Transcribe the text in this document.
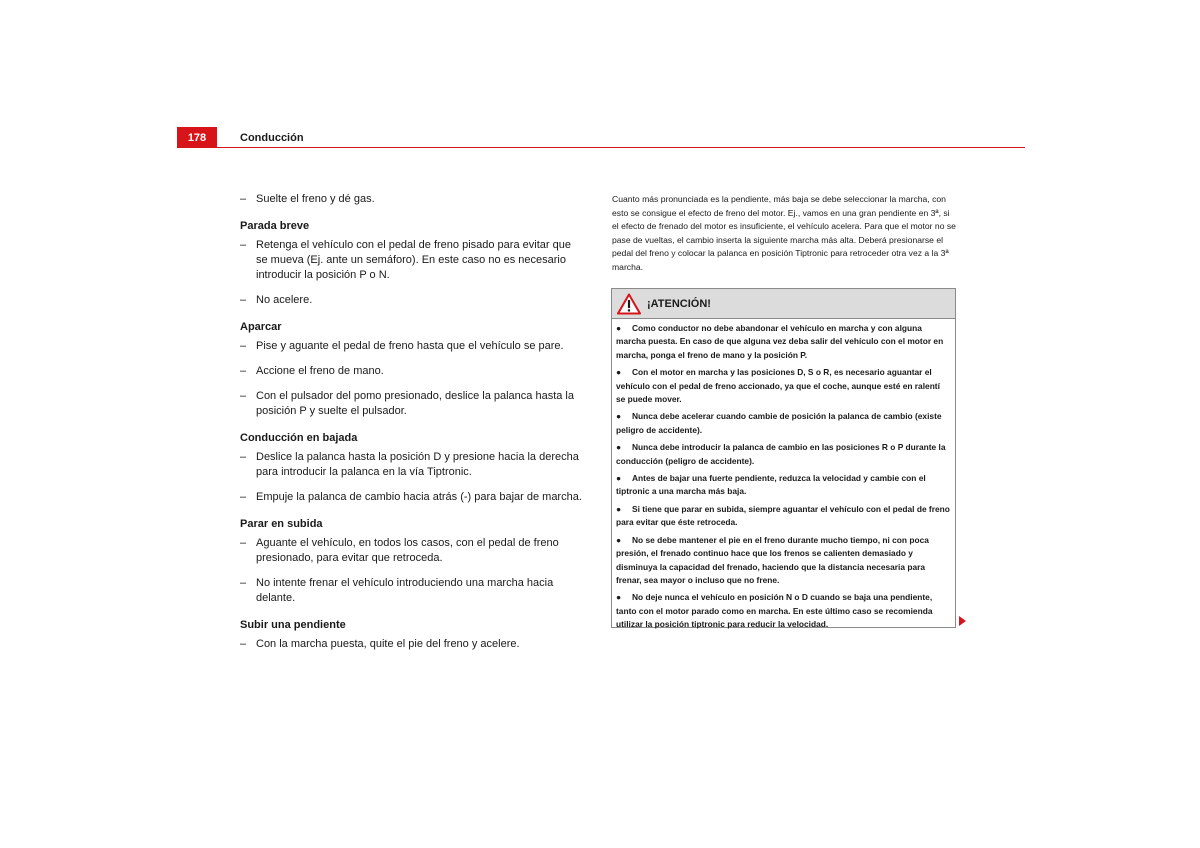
178	Conducción
– Suelte el freno y dé gas.
Parada breve
– Retenga el vehículo con el pedal de freno pisado para evitar que se mueva (Ej. ante un semáforo). En este caso no es necesario introducir la posición P o N.
– No acelere.
Aparcar
– Pise y aguante el pedal de freno hasta que el vehículo se pare.
– Accione el freno de mano.
– Con el pulsador del pomo presionado, deslice la palanca hasta la posición P y suelte el pulsador.
Conducción en bajada
– Deslice la palanca hasta la posición D y presione hacia la derecha para introducir la palanca en la vía Tiptronic.
– Empuje la palanca de cambio hacia atrás (-) para bajar de marcha.
Parar en subida
– Aguante el vehículo, en todos los casos, con el pedal de freno presionado, para evitar que retroceda.
– No intente frenar el vehículo introduciendo una marcha hacia delante.
Subir una pendiente
– Con la marcha puesta, quite el pie del freno y acelere.
Cuanto más pronunciada es la pendiente, más baja se debe seleccionar la marcha, con esto se consigue el efecto de freno del motor. Ej., vamos en una gran pendiente en 3ª, si el efecto de frenado del motor es insuficiente, el vehículo acelera. Para que el motor no se pase de vueltas, el cambio inserta la siguiente marcha más alta. Deberá presionarse el pedal del freno y colocar la palanca en posición Tiptronic para retroceder otra vez a la 3ª marcha.
¡ATENCIÓN!
● Como conductor no debe abandonar el vehículo en marcha y con alguna marcha puesta. En caso de que alguna vez deba salir del vehículo con el motor en marcha, ponga el freno de mano y la posición P.
● Con el motor en marcha y las posiciones D, S o R, es necesario aguantar el vehículo con el pedal de freno accionado, ya que el coche, aunque esté en ralentí se puede mover.
● Nunca debe acelerar cuando cambie de posición la palanca de cambio (existe peligro de accidente).
● Nunca debe introducir la palanca de cambio en las posiciones R o P durante la conducción (peligro de accidente).
● Antes de bajar una fuerte pendiente, reduzca la velocidad y cambie con el tiptronic a una marcha más baja.
● Si tiene que parar en subida, siempre aguantar el vehículo con el pedal de freno para evitar que éste retroceda.
● No se debe mantener el pie en el freno durante mucho tiempo, ni con poca presión, el frenado continuo hace que los frenos se calienten demasiado y disminuya la capacidad del frenado, haciendo que la distancia necesaria para frenar, sea mayor o incluso que no frene.
● No deje nunca el vehículo en posición N o D cuando se baja una pendiente, tanto con el motor parado como en marcha. En este último caso se recomienda utilizar la posición tiptronic para reducir la velocidad.
